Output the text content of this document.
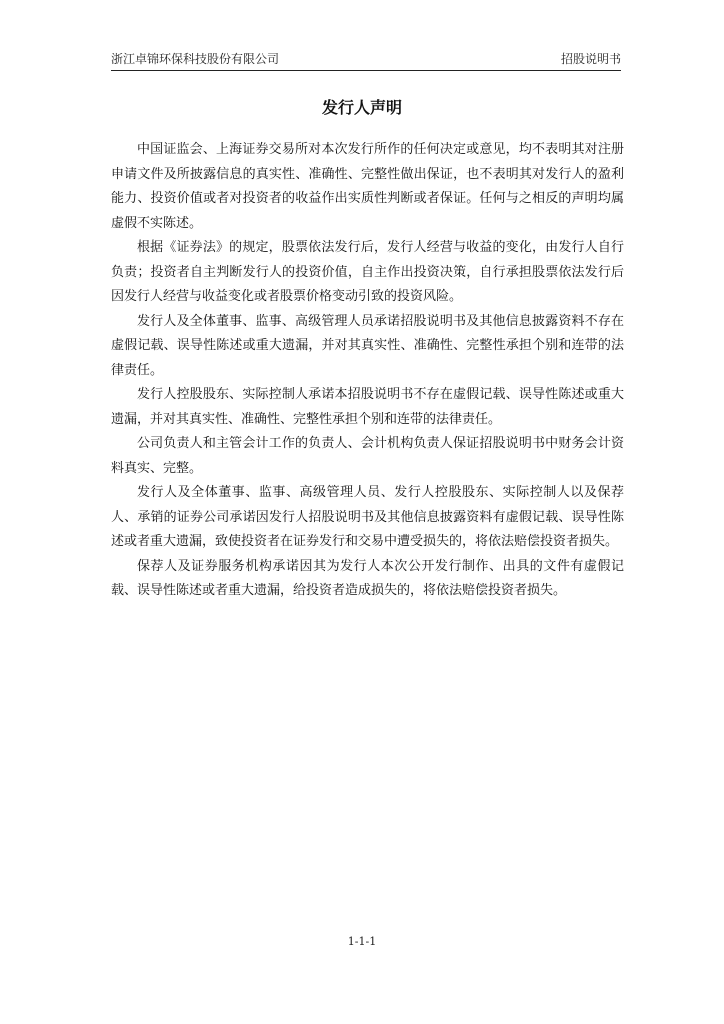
浙江卓锦环保科技股份有限公司	招股说明书
发行人声明

中国证监会、上海证券交易所对本次发行所作的任何决定或意见，均不表明其对注册申请文件及所披露信息的真实性、准确性、完整性做出保证，也不表明其对发行人的盈利能力、投资价值或者对投资者的收益作出实质性判断或者保证。任何与之相反的声明均属虚假不实陈述。

根据《证券法》的规定，股票依法发行后，发行人经营与收益的变化，由发行人自行负责；投资者自主判断发行人的投资价值，自主作出投资决策，自行承担股票依法发行后因发行人经营与收益变化或者股票价格变动引致的投资风险。

发行人及全体董事、监事、高级管理人员承诺招股说明书及其他信息披露资料不存在虚假记载、误导性陈述或重大遗漏，并对其真实性、准确性、完整性承担个别和连带的法律责任。

发行人控股股东、实际控制人承诺本招股说明书不存在虚假记载、误导性陈述或重大遗漏，并对其真实性、准确性、完整性承担个别和连带的法律责任。

公司负责人和主管会计工作的负责人、会计机构负责人保证招股说明书中财务会计资料真实、完整。

发行人及全体董事、监事、高级管理人员、发行人控股股东、实际控制人以及保荐人、承销的证券公司承诺因发行人招股说明书及其他信息披露资料有虚假记载、误导性陈述或者重大遗漏，致使投资者在证券发行和交易中遭受损失的，将依法赔偿投资者损失。

保荐人及证券服务机构承诺因其为发行人本次公开发行制作、出具的文件有虚假记载、误导性陈述或者重大遗漏，给投资者造成损失的，将依法赔偿投资者损失。

1-1-1
